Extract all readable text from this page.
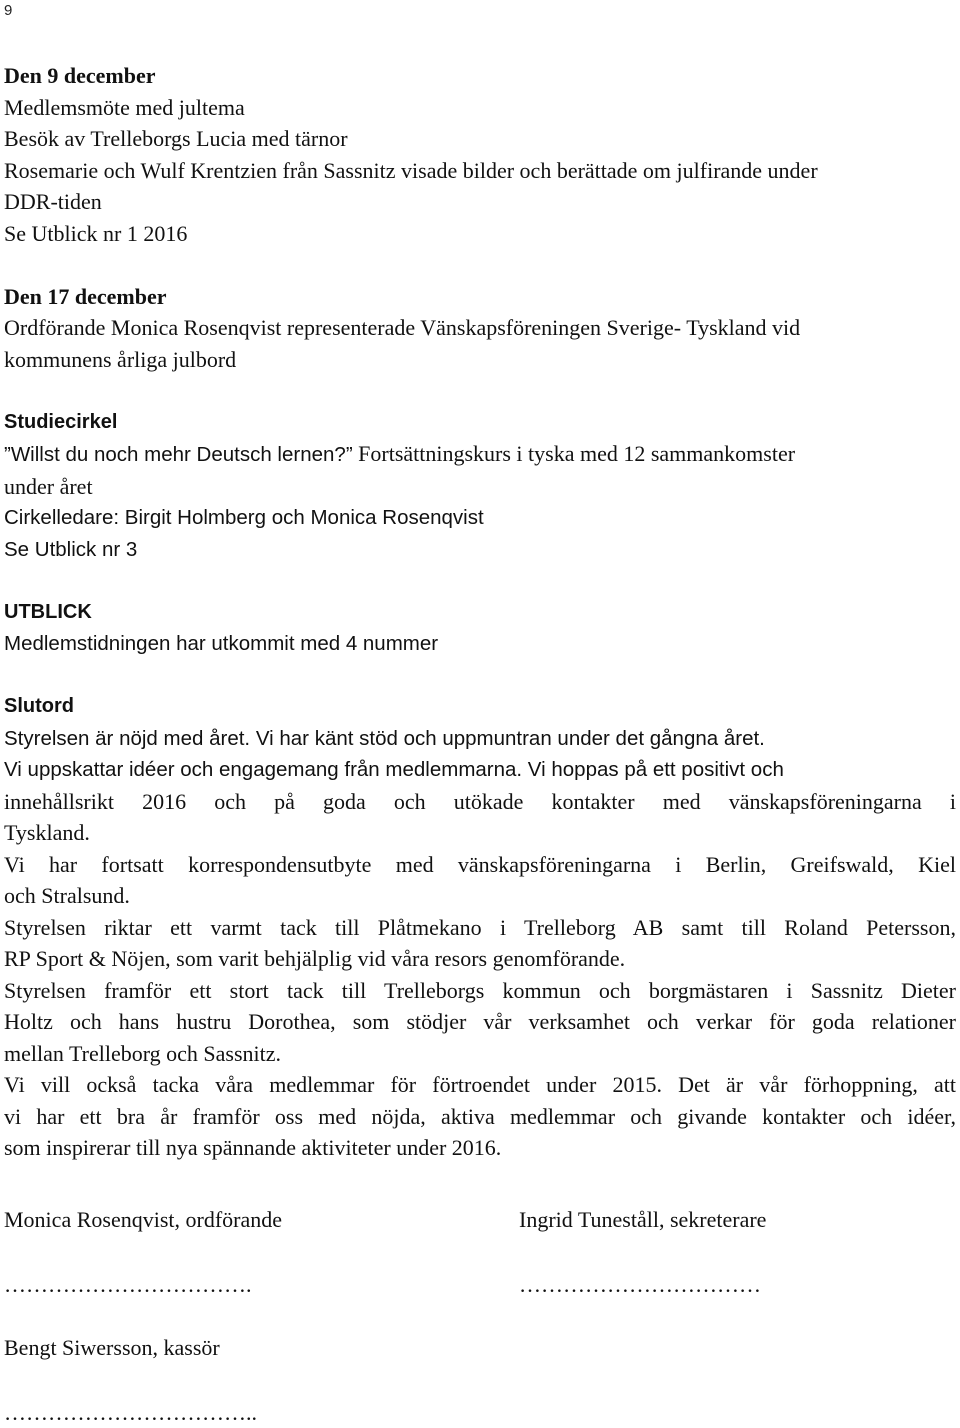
9
Den 9 december
Medlemsmöte med jultema
Besök av Trelleborgs Lucia med tärnor
Rosemarie och Wulf Krentzien från Sassnitz visade bilder och berättade om julfirande under
DDR-tiden
Se Utblick nr 1 2016
Den 17 december
Ordförande Monica Rosenqvist representerade Vänskapsföreningen Sverige- Tyskland vid
kommunens årliga julbord
Studiecirkel
”Willst du noch mehr Deutsch lernen?” Fortsättningskurs i tyska med 12 sammankomster
under året
Cirkelledare: Birgit Holmberg och Monica Rosenqvist
Se Utblick nr 3
UTBLICK
Medlemstidningen har utkommit med 4 nummer
Slutord
Styrelsen är nöjd med året. Vi har känt stöd och uppmuntran under det gångna året.
Vi uppskattar idéer och engagemang från medlemmarna. Vi hoppas på ett positivt och
innehållsrikt 2016 och på goda och utökade kontakter med vänskapsföreningarna i
Tyskland.
Vi har fortsatt korrespondensutbyte med vänskapsföreningarna i Berlin, Greifswald, Kiel
och Stralsund.
Styrelsen riktar ett varmt tack till Plåtmekano i Trelleborg AB samt till Roland Petersson,
RP Sport & Nöjen, som varit behjälplig vid våra resors genomförande.
Styrelsen framför ett stort tack till Trelleborgs kommun och borgmästaren i Sassnitz Dieter
Holtz och hans hustru Dorothea, som stödjer vår verksamhet och verkar för goda relationer
mellan Trelleborg och Sassnitz.
Vi vill också tacka våra medlemmar för förtroendet under 2015. Det är vår förhoppning, att
vi har ett bra år framför oss med nöjda, aktiva medlemmar och givande kontakter och idéer,
som inspirerar till nya spännande aktiviteter under 2016.
Monica Rosenqvist, ordförande	Ingrid Tuneståll, sekreterare
…………………………….	……………………………
Bengt Siwersson, kassör
……………………………..
